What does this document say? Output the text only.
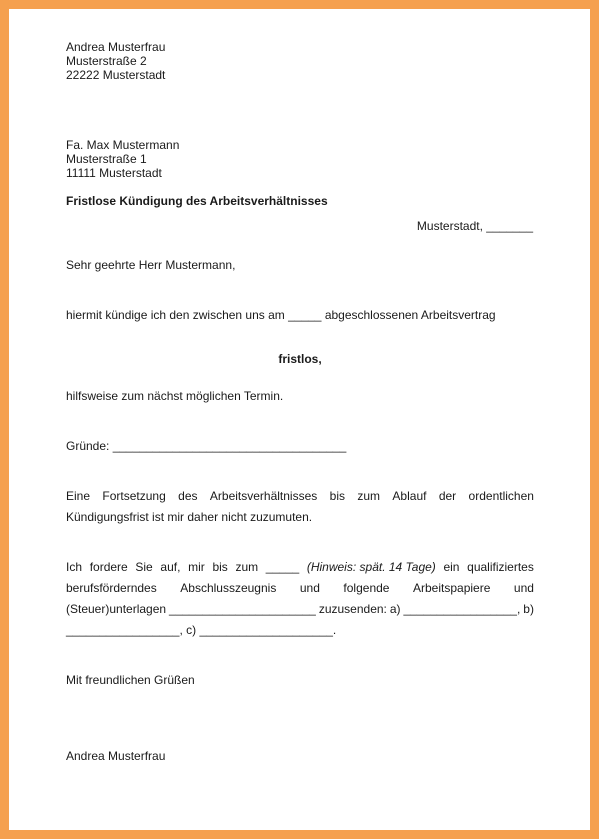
Andrea Musterfrau
Musterstraße 2
22222 Musterstadt
Fa. Max Mustermann
Musterstraße 1
11111 Musterstadt
Fristlose Kündigung des Arbeitsverhältnisses
Musterstadt, _______
Sehr geehrte Herr Mustermann,
hiermit kündige ich den zwischen uns am _____ abgeschlossenen Arbeitsvertrag
fristlos,
hilfsweise zum nächst möglichen Termin.
Gründe: ___________________________________
Eine Fortsetzung des Arbeitsverhältnisses bis zum Ablauf der ordentlichen
Kündigungsfrist ist mir daher nicht zuzumuten.
Ich fordere Sie auf, mir bis zum _____ (Hinweis: spät. 14 Tage) ein qualifiziertes
berufsförderndes Abschlusszeugnis und folgende Arbeitspapiere und
(Steuer)unterlagen ______________________ zuzusenden: a) _________________, b)
_________________, c) ____________________.
Mit freundlichen Grüßen
Andrea Musterfrau
